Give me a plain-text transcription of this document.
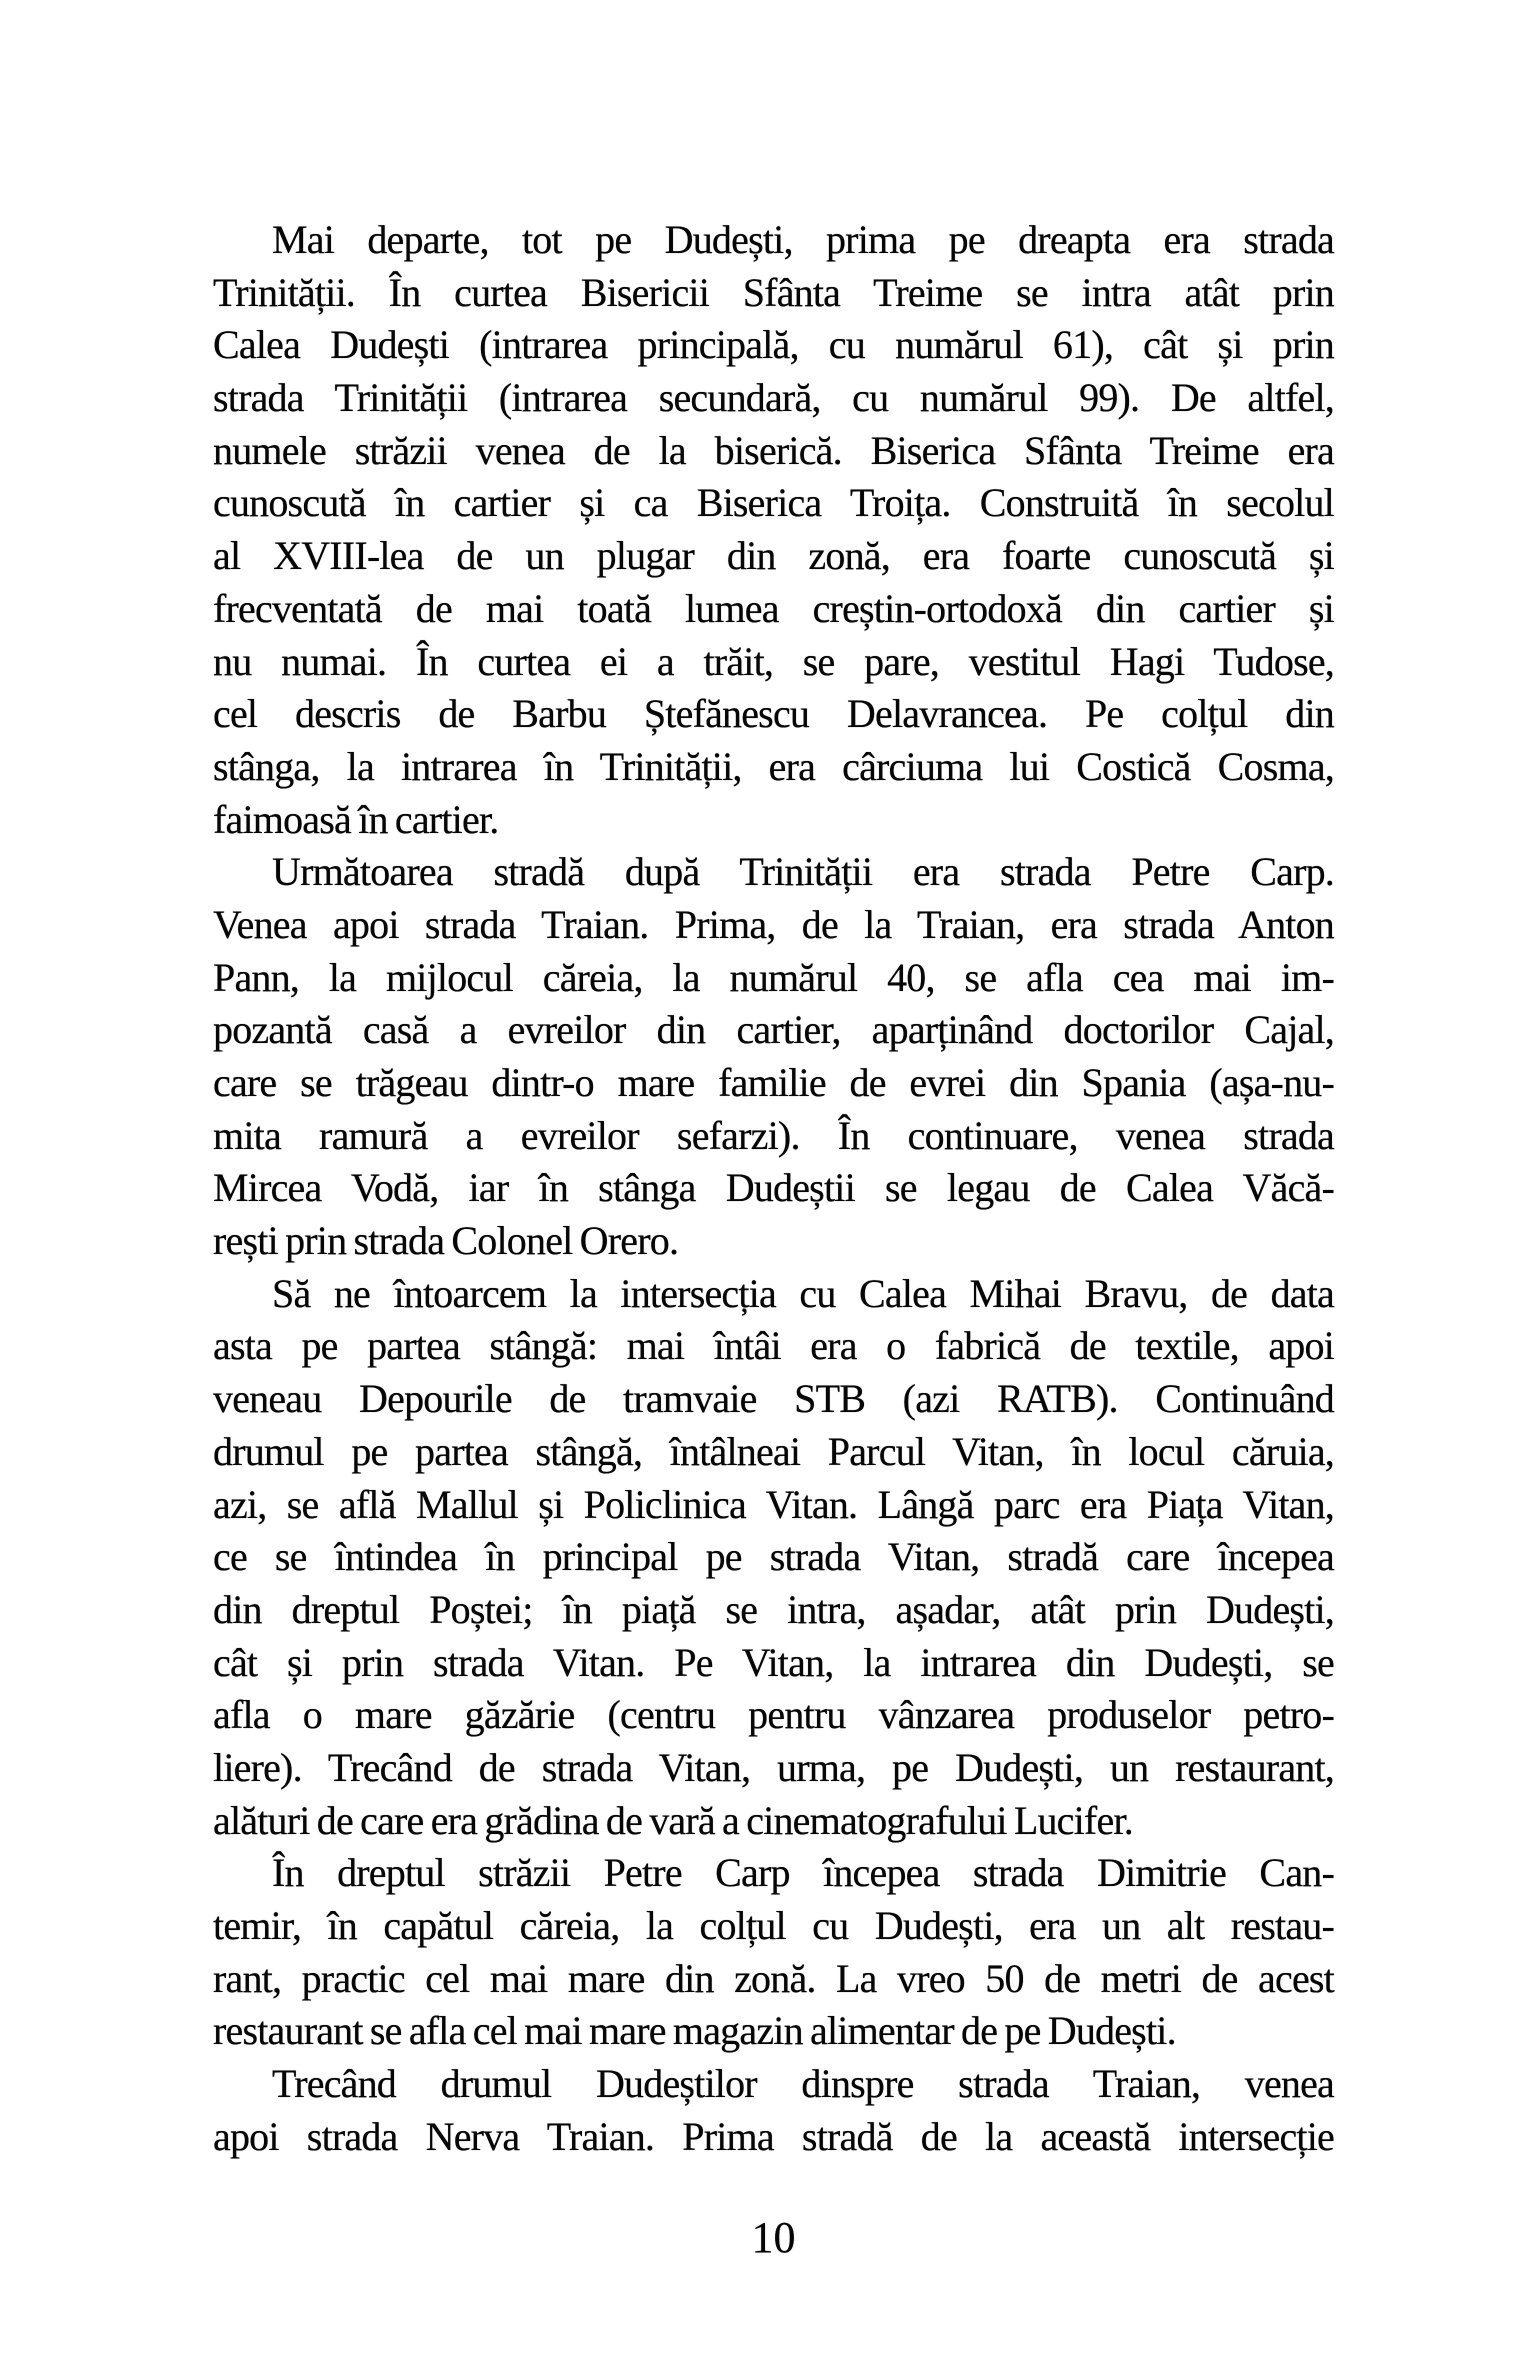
Mai departe, tot pe Dudești, prima pe dreapta era strada
Trinității. În curtea Bisericii Sfânta Treime se intra atât prin
Calea Dudești (intrarea principală, cu numărul 61), cât și prin
strada Trinității (intrarea secundară, cu numărul 99). De altfel,
numele străzii venea de la biserică. Biserica Sfânta Treime era
cunoscută în cartier și ca Biserica Troița. Construită în secolul
al XVIII-lea de un plugar din zonă, era foarte cunoscută și
frecventată de mai toată lumea creștin-ortodoxă din cartier și
nu numai. În curtea ei a trăit, se pare, vestitul Hagi Tudose,
cel descris de Barbu Ștefănescu Delavrancea. Pe colțul din
stânga, la intrarea în Trinității, era cârciuma lui Costică Cosma,
faimoasă în cartier.
Următoarea stradă după Trinității era strada Petre Carp.
Venea apoi strada Traian. Prima, de la Traian, era strada Anton
Pann, la mijlocul căreia, la numărul 40, se afla cea mai im-
pozantă casă a evreilor din cartier, aparținând doctorilor Cajal,
care se trăgeau dintr-o mare familie de evrei din Spania (așa-nu-
mita ramură a evreilor sefarzi). În continuare, venea strada
Mircea Vodă, iar în stânga Dudeștii se legau de Calea Văcă-
rești prin strada Colonel Orero.
Să ne întoarcem la intersecția cu Calea Mihai Bravu, de data
asta pe partea stângă: mai întâi era o fabrică de textile, apoi
veneau Depourile de tramvaie STB (azi RATB). Continuând
drumul pe partea stângă, întâlneai Parcul Vitan, în locul căruia,
azi, se află Mallul și Policlinica Vitan. Lângă parc era Piața Vitan,
ce se întindea în principal pe strada Vitan, stradă care începea
din dreptul Poștei; în piață se intra, așadar, atât prin Dudești,
cât și prin strada Vitan. Pe Vitan, la intrarea din Dudești, se
afla o mare găzărie (centru pentru vânzarea produselor petro-
liere). Trecând de strada Vitan, urma, pe Dudești, un restaurant,
alături de care era grădina de vară a cinematografului Lucifer.
În dreptul străzii Petre Carp începea strada Dimitrie Can-
temir, în capătul căreia, la colțul cu Dudești, era un alt restau-
rant, practic cel mai mare din zonă. La vreo 50 de metri de acest
restaurant se afla cel mai mare magazin alimentar de pe Dudești.
Trecând drumul Dudeștilor dinspre strada Traian, venea
apoi strada Nerva Traian. Prima stradă de la această intersecție
10
